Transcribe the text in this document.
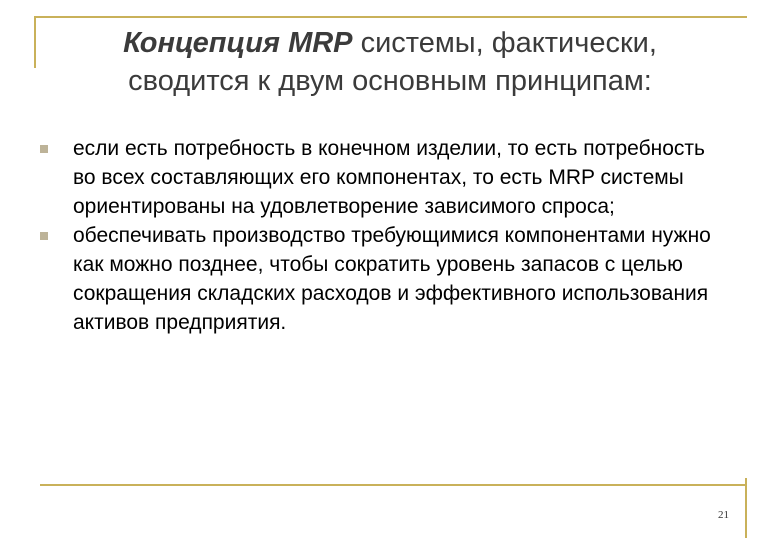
Концепция MRP системы, фактически,
сводится к двум основным принципам:
если есть потребность в конечном изделии, то есть потребность во всех составляющих его компонентах, то есть MRP системы ориентированы на удовлетворение зависимого спроса;
обеспечивать производство требующимися компонентами нужно как можно позднее, чтобы сократить уровень запасов с целью сокращения складских расходов и эффективного использования активов предприятия.
21
